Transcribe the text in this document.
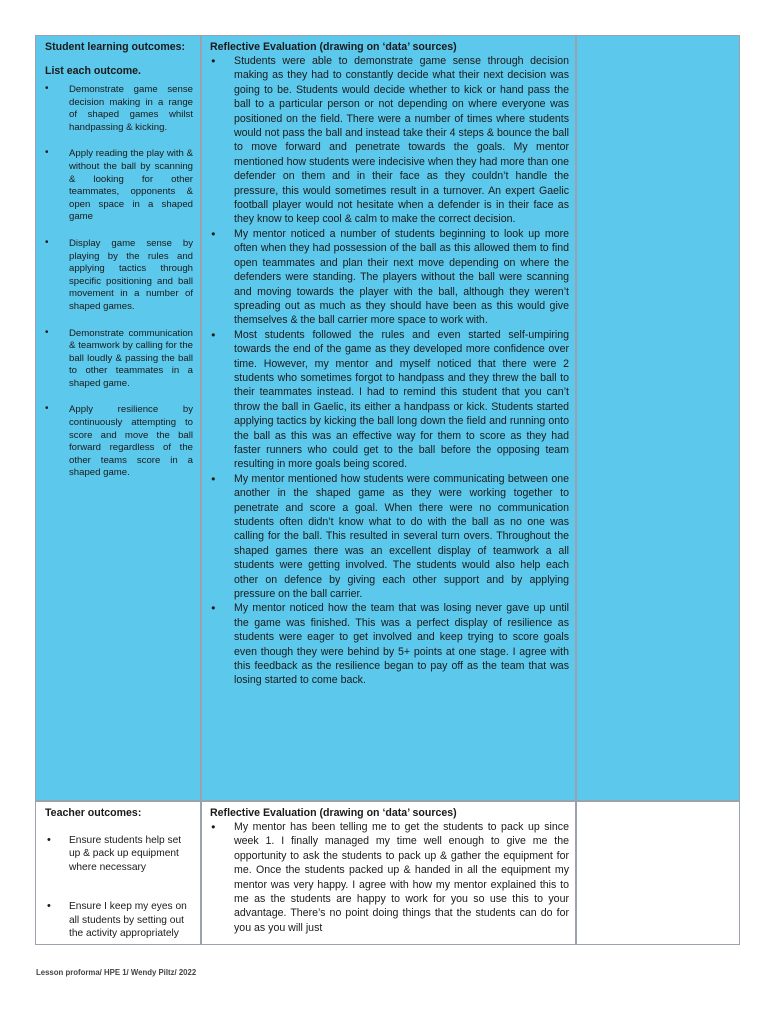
Student learning outcomes:
List each outcome.
• Demonstrate game sense decision making in a range of shaped games whilst handpassing & kicking.
• Apply reading the play with & without the ball by scanning & looking for other teammates, opponents & open space in a shaped game
• Display game sense by playing by the rules and applying tactics through specific positioning and ball movement in a number of shaped games.
• Demonstrate communication & teamwork by calling for the ball loudly & passing the ball to other teammates in a shaped game.
• Apply resilience by continuously attempting to score and move the ball forward regardless of the other teams score in a shaped game.
Reflective Evaluation (drawing on ‘data’ sources)
● Students were able to demonstrate game sense through decision making as they had to constantly decide what their next decision was going to be. Students would decide whether to kick or hand pass the ball to a particular person or not depending on where everyone was positioned on the field. There were a number of times where students would not pass the ball and instead take their 4 steps & bounce the ball to move forward and penetrate towards the goals. My mentor mentioned how students were indecisive when they had more than one defender on them and in their face as they couldn’t handle the pressure, this would sometimes result in a turnover. An expert Gaelic football player would not hesitate when a defender is in their face as they know to keep cool & calm to make the correct decision.
● My mentor noticed a number of students beginning to look up more often when they had possession of the ball as this allowed them to find open teammates and plan their next move depending on where the defenders were standing. The players without the ball were scanning and moving towards the player with the ball, although they weren’t spreading out as much as they should have been as this would give themselves & the ball carrier more space to work with.
● Most students followed the rules and even started self-umpiring towards the end of the game as they developed more confidence over time. However, my mentor and myself noticed that there were 2 students who sometimes forgot to handpass and they threw the ball to their teammates instead. I had to remind this student that you can’t throw the ball in Gaelic, its either a handpass or kick. Students started applying tactics by kicking the ball long down the field and running onto the ball as this was an effective way for them to score as they had faster runners who could get to the ball before the opposing team resulting in more goals being scored.
● My mentor mentioned how students were communicating between one another in the shaped game as they were working together to penetrate and score a goal. When there were no communication students often didn’t know what to do with the ball as no one was calling for the ball. This resulted in several turn overs. Throughout the shaped games there was an excellent display of teamwork a all students were getting involved. The students would also help each other on defence by giving each other support and by applying pressure on the ball carrier.
● My mentor noticed how the team that was losing never gave up until the game was finished. This was a perfect display of resilience as students were eager to get involved and keep trying to score goals even though they were behind by 5+ points at one stage. I agree with this feedback as the resilience began to pay off as the team that was losing started to come back.
Teacher outcomes:
• Ensure students help set up & pack up equipment where necessary
• Ensure I keep my eyes on all students by setting out the activity appropriately
Reflective Evaluation (drawing on ‘data’ sources)
● My mentor has been telling me to get the students to pack up since week 1. I finally managed my time well enough to give me the opportunity to ask the students to pack up & gather the equipment for me. Once the students packed up & handed in all the equipment my mentor was very happy. I agree with how my mentor explained this to me as the students are happy to work for you so use this to your advantage. There’s no point doing things that the students can do for you as you will just
Lesson proforma/ HPE 1/ Wendy Piltz/ 2022
